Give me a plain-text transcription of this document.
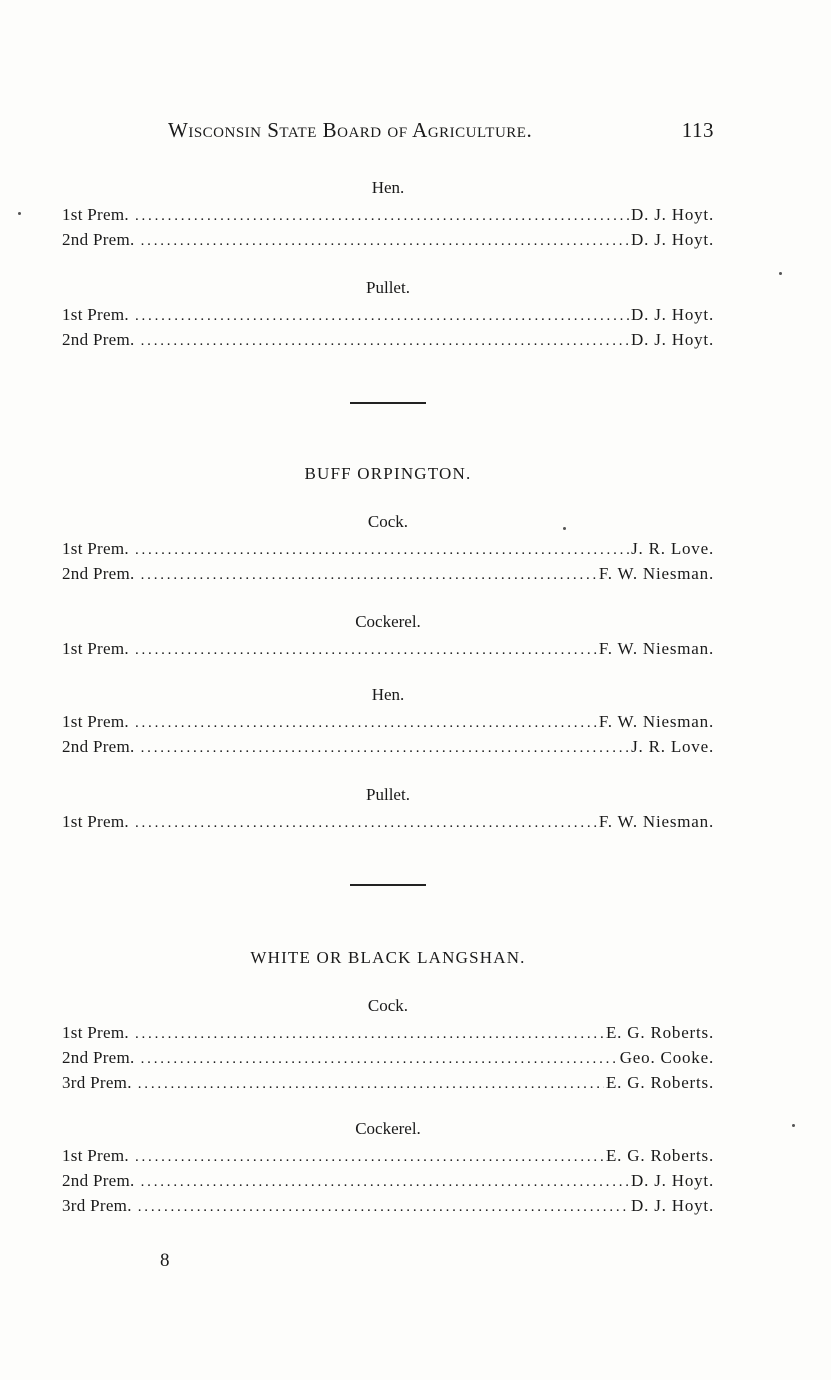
Wisconsin State Board of Agriculture.	113

Hen.

1st Prem. .....	D. J. Hoyt.
2nd Prem. .....	D. J. Hoyt.

Pullet.

1st Prem. .....	D. J. Hoyt.
2nd Prem. .....	D. J. Hoyt.

BUFF ORPINGTON.

Cock.

1st Prem. .....	J. R. Love.
2nd Prem. .....	F. W. Niesman.

Cockerel.

1st Prem. .....	F. W. Niesman.

Hen.

1st Prem. .....	F. W. Niesman.
2nd Prem. .....	J. R. Love.

Pullet.

1st Prem. .....	F. W. Niesman.

WHITE OR BLACK LANGSHAN.

Cock.

1st Prem. .....	E. G. Roberts.
2nd Prem. .....	Geo. Cooke.
3rd Prem. .....	E. G. Roberts.

Cockerel.

1st Prem. .....	E. G. Roberts.
2nd Prem. .....	D. J. Hoyt.
3rd Prem. .....	D. J. Hoyt.
8
